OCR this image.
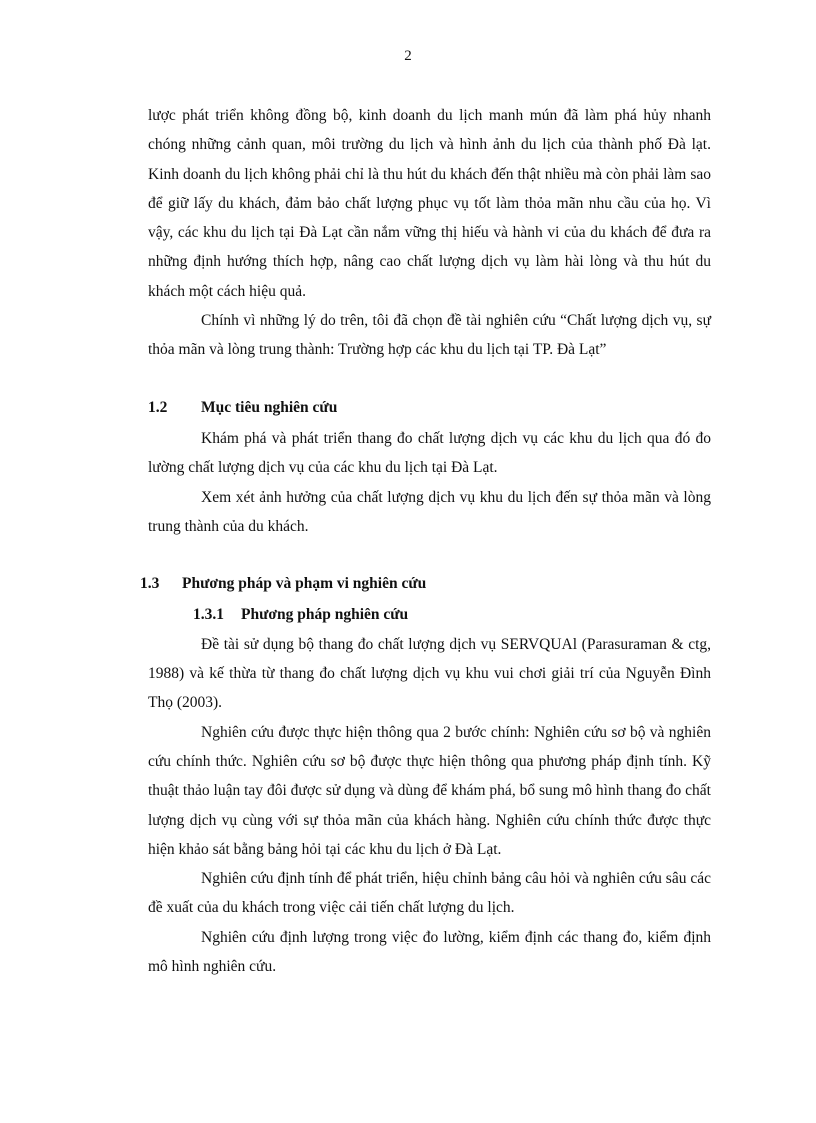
2

lược phát triển không đồng bộ, kinh doanh du lịch manh mún đã làm phá hủy nhanh chóng những cảnh quan, môi trường du lịch và hình ảnh du lịch của thành phố Đà lạt. Kinh doanh du lịch không phải chỉ là thu hút du khách đến thật nhiều mà còn phải làm sao để giữ lấy du khách, đảm bảo chất lượng phục vụ tốt làm thỏa mãn nhu cầu của họ. Vì vậy, các khu du lịch tại Đà Lạt cần nắm vững thị hiếu và hành vi của du khách để đưa ra những định hướng thích hợp, nâng cao chất lượng dịch vụ làm hài lòng và thu hút du khách một cách hiệu quả.

Chính vì những lý do trên, tôi đã chọn đề tài nghiên cứu “Chất lượng dịch vụ, sự thỏa mãn và lòng trung thành: Trường hợp các khu du lịch tại TP. Đà Lạt”

1.2	Mục tiêu nghiên cứu

Khám phá và phát triển thang đo chất lượng dịch vụ các khu du lịch qua đó đo lường chất lượng dịch vụ của các khu du lịch tại Đà Lạt.

Xem xét ảnh hưởng của chất lượng dịch vụ khu du lịch đến sự thỏa mãn và lòng trung thành của du khách.

1.3	Phương pháp và phạm vi nghiên cứu
1.3.1	Phương pháp nghiên cứu

Đề tài sử dụng bộ thang đo chất lượng dịch vụ SERVQUAl (Parasuraman & ctg, 1988) và kế thừa từ thang đo chất lượng dịch vụ khu vui chơi giải trí của Nguyễn Đình Thọ (2003).

Nghiên cứu được thực hiện thông qua 2 bước chính: Nghiên cứu sơ bộ và nghiên cứu chính thức. Nghiên cứu sơ bộ được thực hiện thông qua phương pháp định tính. Kỹ thuật thảo luận tay đôi được sử dụng và dùng để khám phá, bổ sung mô hình thang đo chất lượng dịch vụ cùng với sự thỏa mãn của khách hàng. Nghiên cứu chính thức được thực hiện khảo sát bằng bảng hỏi tại các khu du lịch ở Đà Lạt.

Nghiên cứu định tính để phát triển, hiệu chỉnh bảng câu hỏi và nghiên cứu sâu các đề xuất của du khách trong việc cải tiến chất lượng du lịch.

Nghiên cứu định lượng trong việc đo lường, kiểm định các thang đo, kiểm định mô hình nghiên cứu.
